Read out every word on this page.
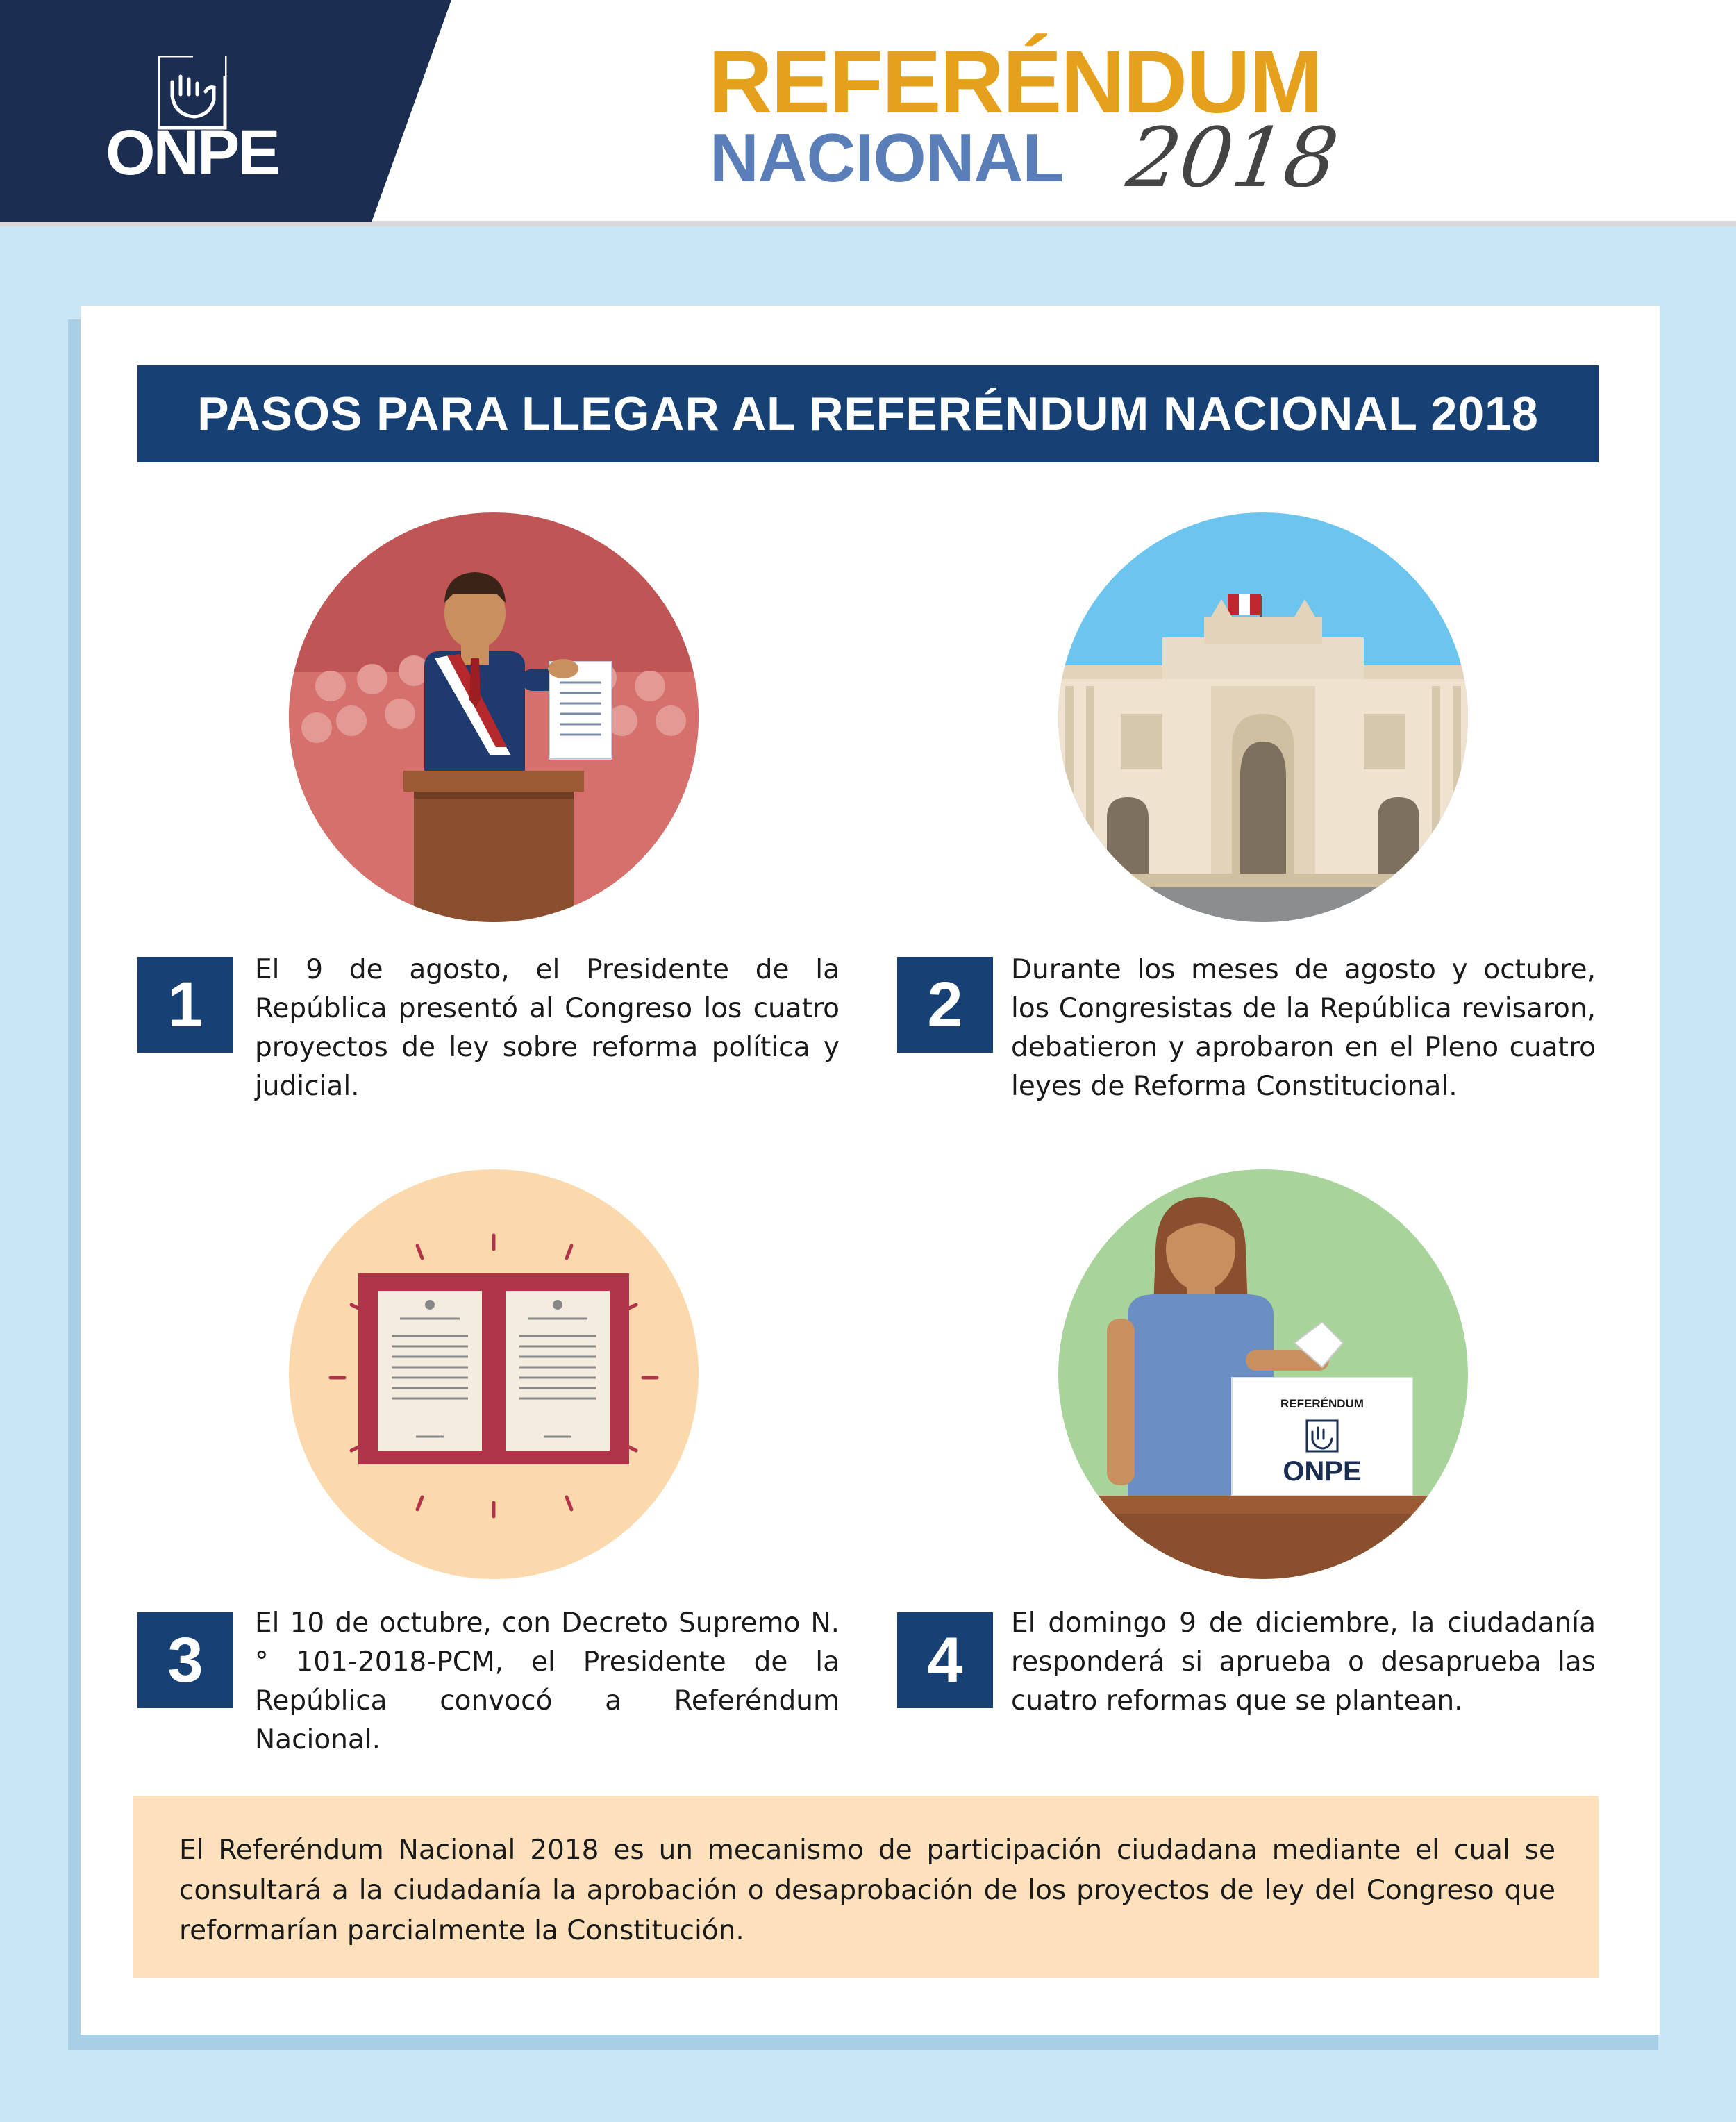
ONPE
REFERÉNDUM
NACIONAL 2018
PASOS PARA LLEGAR AL REFERÉNDUM NACIONAL 2018
REFERÉNDUM
ONPE
1	El 9 de agosto, el Presidente de la República presentó al Congreso los cuatro proyectos de ley sobre reforma política y judicial.
2	Durante los meses de agosto y octubre, los Congresistas de la República revisaron, debatieron y aprobaron en el Pleno cuatro leyes de Reforma Constitucional.
3
El 10 de octubre, con Decreto Supremo N.° 101-2018-PCM, el Presidente de la República convocó a Referéndum Nacional.
4
El domingo 9 de diciembre, la ciudadanía responderá si aprueba o desaprueba las cuatro reformas que se plantean.

El Referéndum Nacional 2018 es un mecanismo de participación ciudadana mediante el cual se consultará a la ciudadanía la aprobación o desaprobación de los proyectos de ley del Congreso que reformarían parcialmente la Constitución.
